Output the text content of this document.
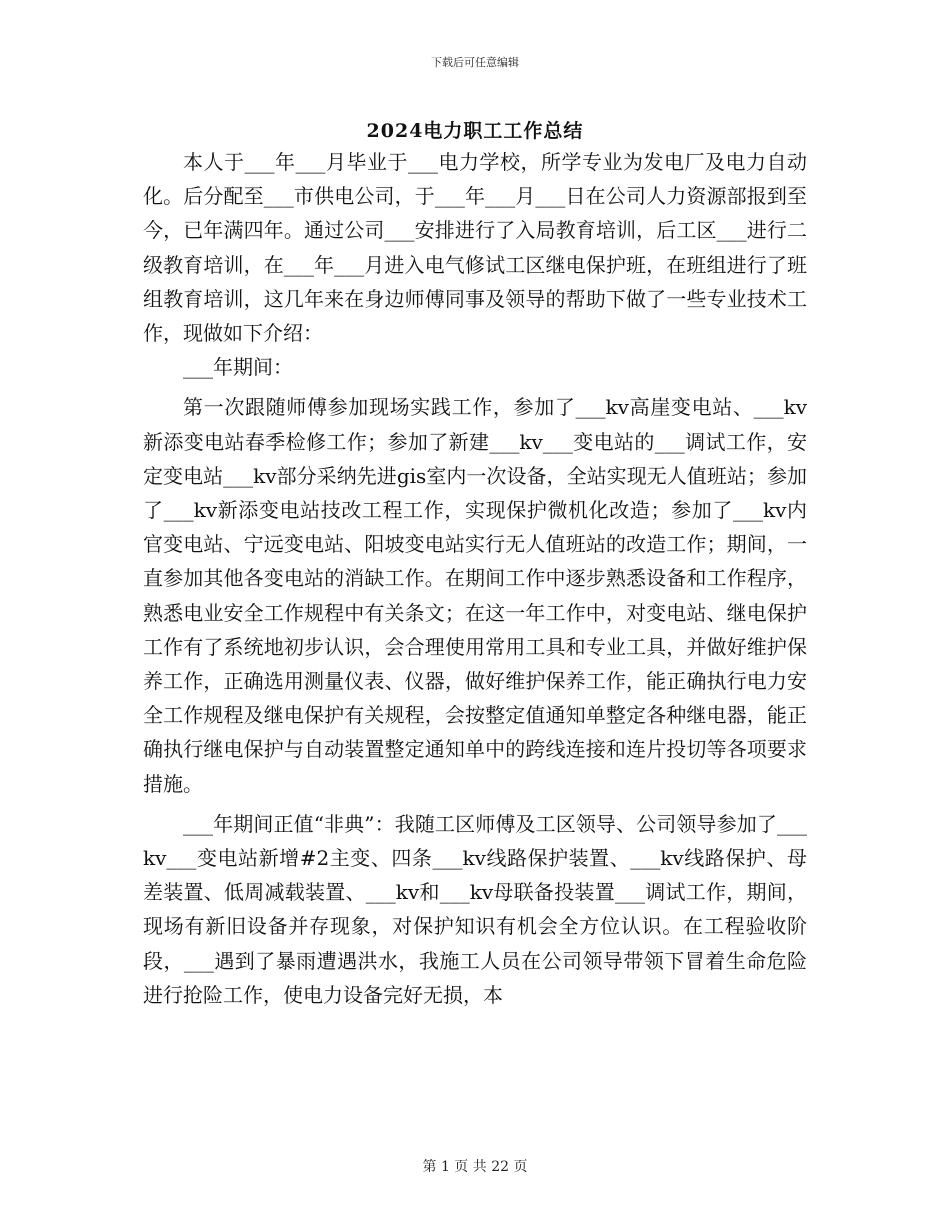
下载后可任意编辑
2024电力职工工作总结

本人于___年___月毕业于___电力学校，所学专业为发电厂及电力自动化。后分配至___市供电公司，于___年___月___日在公司人力资源部报到至今，已年满四年。通过公司___安排进行了入局教育培训，后工区___进行二级教育培训，在___年___月进入电气修试工区继电保护班，在班组进行了班组教育培训，这几年来在身边师傅同事及领导的帮助下做了一些专业技术工作，现做如下介绍：

___年期间：

第一次跟随师傅参加现场实践工作，参加了___kv高崖变电站、___kv新添变电站春季检修工作；参加了新建___kv___变电站的___调试工作，安定变电站___kv部分采纳先进gis室内一次设备，全站实现无人值班站；参加了___kv新添变电站技改工程工作，实现保护微机化改造；参加了___kv内官变电站、宁远变电站、阳坡变电站实行无人值班站的改造工作；期间，一直参加其他各变电站的消缺工作。在期间工作中逐步熟悉设备和工作程序，熟悉电业安全工作规程中有关条文；在这一年工作中，对变电站、继电保护工作有了系统地初步认识，会合理使用常用工具和专业工具，并做好维护保养工作，正确选用测量仪表、仪器，做好维护保养工作，能正确执行电力安全工作规程及继电保护有关规程，会按整定值通知单整定各种继电器，能正确执行继电保护与自动装置整定通知单中的跨线连接和连片投切等各项要求措施。

___年期间正值“非典”：我随工区师傅及工区领导、公司领导参加了___kv___变电站新增#2主变、四条___kv线路保护装置、___kv线路保护、母差装置、低周减载装置、___kv和___kv母联备投装置___调试工作，期间，现场有新旧设备并存现象，对保护知识有机会全方位认识。在工程验收阶段，___遇到了暴雨遭遇洪水，我施工人员在公司领导带领下冒着生命危险进行抢险工作，使电力设备完好无损，本

第 1 页 共 22 页
